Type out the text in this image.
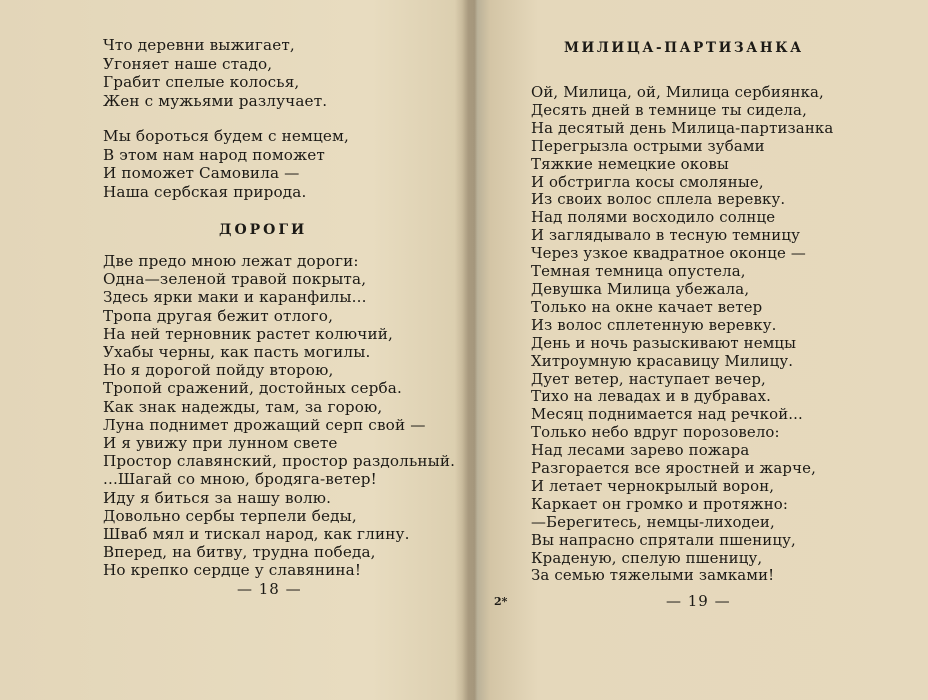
Что деревни выжигает,
Угоняет наше стадо,
Грабит спелые колосья,
Жен с мужьями разлучает.
Мы бороться будем с немцем,
В этом нам народ поможет
И поможет Самовила —
Наша сербская природа.
ДОРОГИ
Две предо мною лежат дороги:
Одна—зеленой травой покрыта,
Здесь ярки маки и каранфилы...
Тропа другая бежит отлого,
На ней терновник растет колючий,
Ухабы черны, как пасть могилы.
Но я дорогой пойду второю,
Тропой сражений, достойных серба.
Как знак надежды, там, за горою,
Луна поднимет дрожащий серп свой —
И я увижу при лунном свете
Простор славянский, простор раздольный.
...Шагай со мною, бродяга-ветер!
Иду я биться за нашу волю.
Довольно сербы терпели беды,
Шваб мял и тискал народ, как глину.
Вперед, на битву, трудна победа,
Но крепко сердце у славянина!
— 18 —
МИЛИЦА-ПАРТИЗАНКА
Ой, Милица, ой, Милица сербиянка,
Десять дней в темнице ты сидела,
На десятый день Милица-партизанка
Перегрызла острыми зубами
Тяжкие немецкие оковы
И обстригла косы смоляные,
Из своих волос сплела веревку.
Над полями восходило солнце
И заглядывало в тесную темницу
Через узкое квадратное оконце —
Темная темница опустела,
Девушка Милица убежала,
Только на окне качает ветер
Из волос сплетенную веревку.
День и ночь разыскивают немцы
Хитроумную красавицу Милицу.
Дует ветер, наступает вечер,
Тихо на левадах и в дубравах.
Месяц поднимается над речкой...
Только небо вдруг порозовело:
Над лесами зарево пожара
Разгорается все яростней и жарче,
И летает чернокрылый ворон,
Каркает он громко и протяжно:
—Берегитесь, немцы-лиходеи,
Вы напрасно спрятали пшеницу,
Краденую, спелую пшеницу,
За семью тяжелыми замками!
2*	— 19 —
